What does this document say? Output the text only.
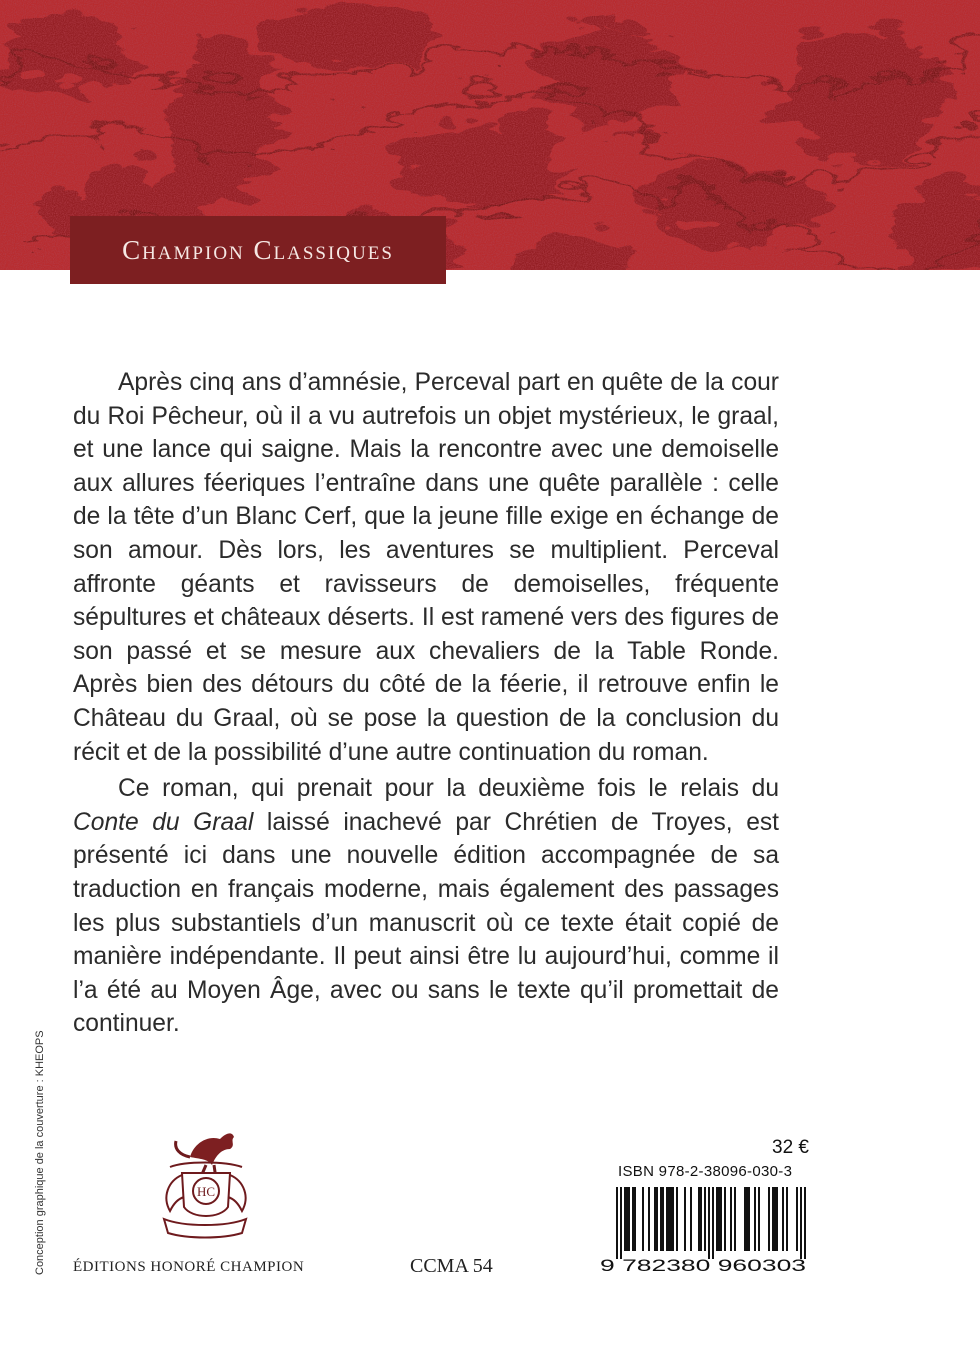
Champion Classiques

Après cinq ans d’amnésie, Perceval part en quête de la cour du Roi Pêcheur, où il a vu autrefois un objet mystérieux, le graal, et une lance qui saigne. Mais la rencontre avec une demoiselle aux allures féeriques l’entraîne dans une quête parallèle : celle de la tête d’un Blanc Cerf, que la jeune fille exige en échange de son amour. Dès lors, les aventures se multiplient. Perceval affronte géants et ravisseurs de demoiselles, fréquente sépultures et châteaux déserts. Il est ramené vers des figures de son passé et se mesure aux chevaliers de la Table Ronde. Après bien des détours du côté de la féerie, il retrouve enfin le Château du Graal, où se pose la question de la conclusion du récit et de la possibilité d’une autre continuation du roman.

Ce roman, qui prenait pour la deuxième fois le relais du Conte du Graal laissé inachevé par Chrétien de Troyes, est présenté ici dans une nouvelle édition accompagnée de sa traduction en français moderne, mais également des passages les plus substantiels d’un manuscrit où ce texte était copié de manière indépendante. Il peut ainsi être lu aujourd’hui, comme il l’a été au Moyen Âge, avec ou sans le texte qu’il promettait de continuer.

Conception graphique de la couverture : KHEOPS	HC
ÉDITIONS HONORÉ CHAMPION	CCMA 54
32 €
ISBN 978-2-38096-030-3
9 782380 960303
